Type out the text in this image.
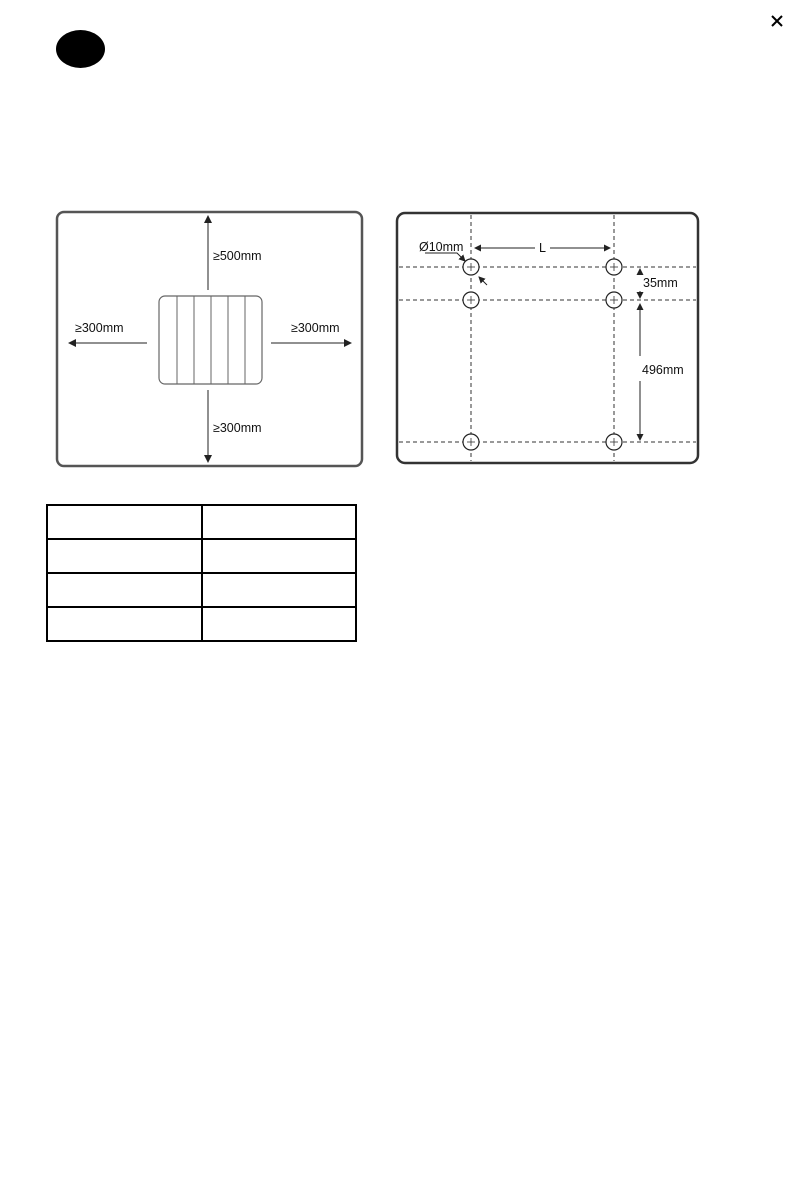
≥500mm
≥300mm	≥300mm
≥300mm
Ø10mm	L
35mm
496mm
